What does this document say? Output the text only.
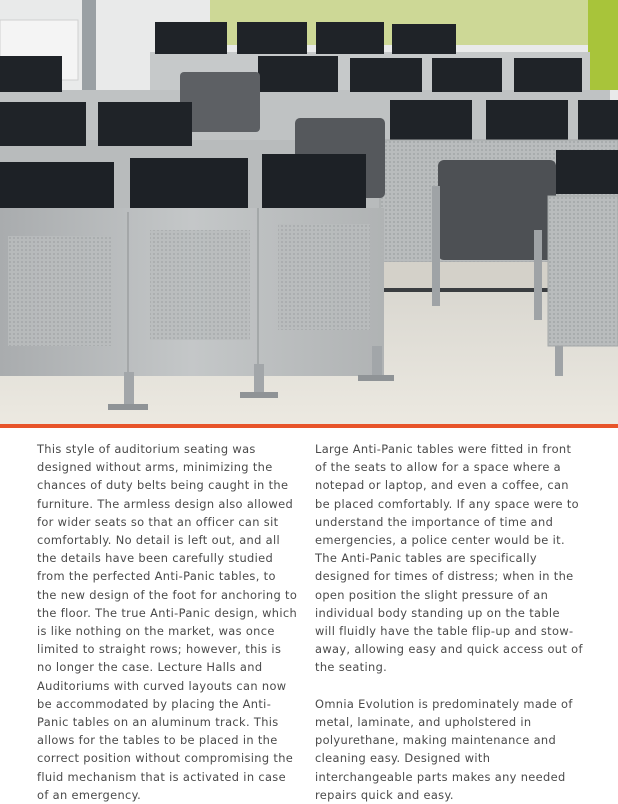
This style of auditorium seating was designed without arms, minimizing the chances of duty belts being caught in the furniture. The armless design also allowed for wider seats so that an officer can sit comfortably. No detail is left out, and all the details have been carefully studied from the perfected Anti-Panic tables, to the new design of the foot for anchoring to the floor. The true Anti-Panic design, which is like nothing on the market, was once limited to straight rows; however, this is no longer the case. Lecture Halls and Auditoriums with curved layouts can now be accommodated by placing the Anti-Panic tables on an aluminum track. This allows for the tables to be placed in the correct position without compromising the fluid mechanism that is activated in case of an emergency.

Large Anti-Panic tables were fitted in front of the seats to allow for a space where a notepad or laptop, and even a coffee, can be placed comfortably. If any space were to understand the importance of time and emergencies, a police center would be it. The Anti-Panic tables are specifically designed for times of distress; when in the open position the slight pressure of an individual body standing up on the table will fluidly have the table flip-up and stow-away, allowing easy and quick access out of the seating.

Omnia Evolution is predominately made of metal, laminate, and upholstered in polyurethane, making maintenance and cleaning easy. Designed with interchangeable parts makes any needed repairs quick and easy.
